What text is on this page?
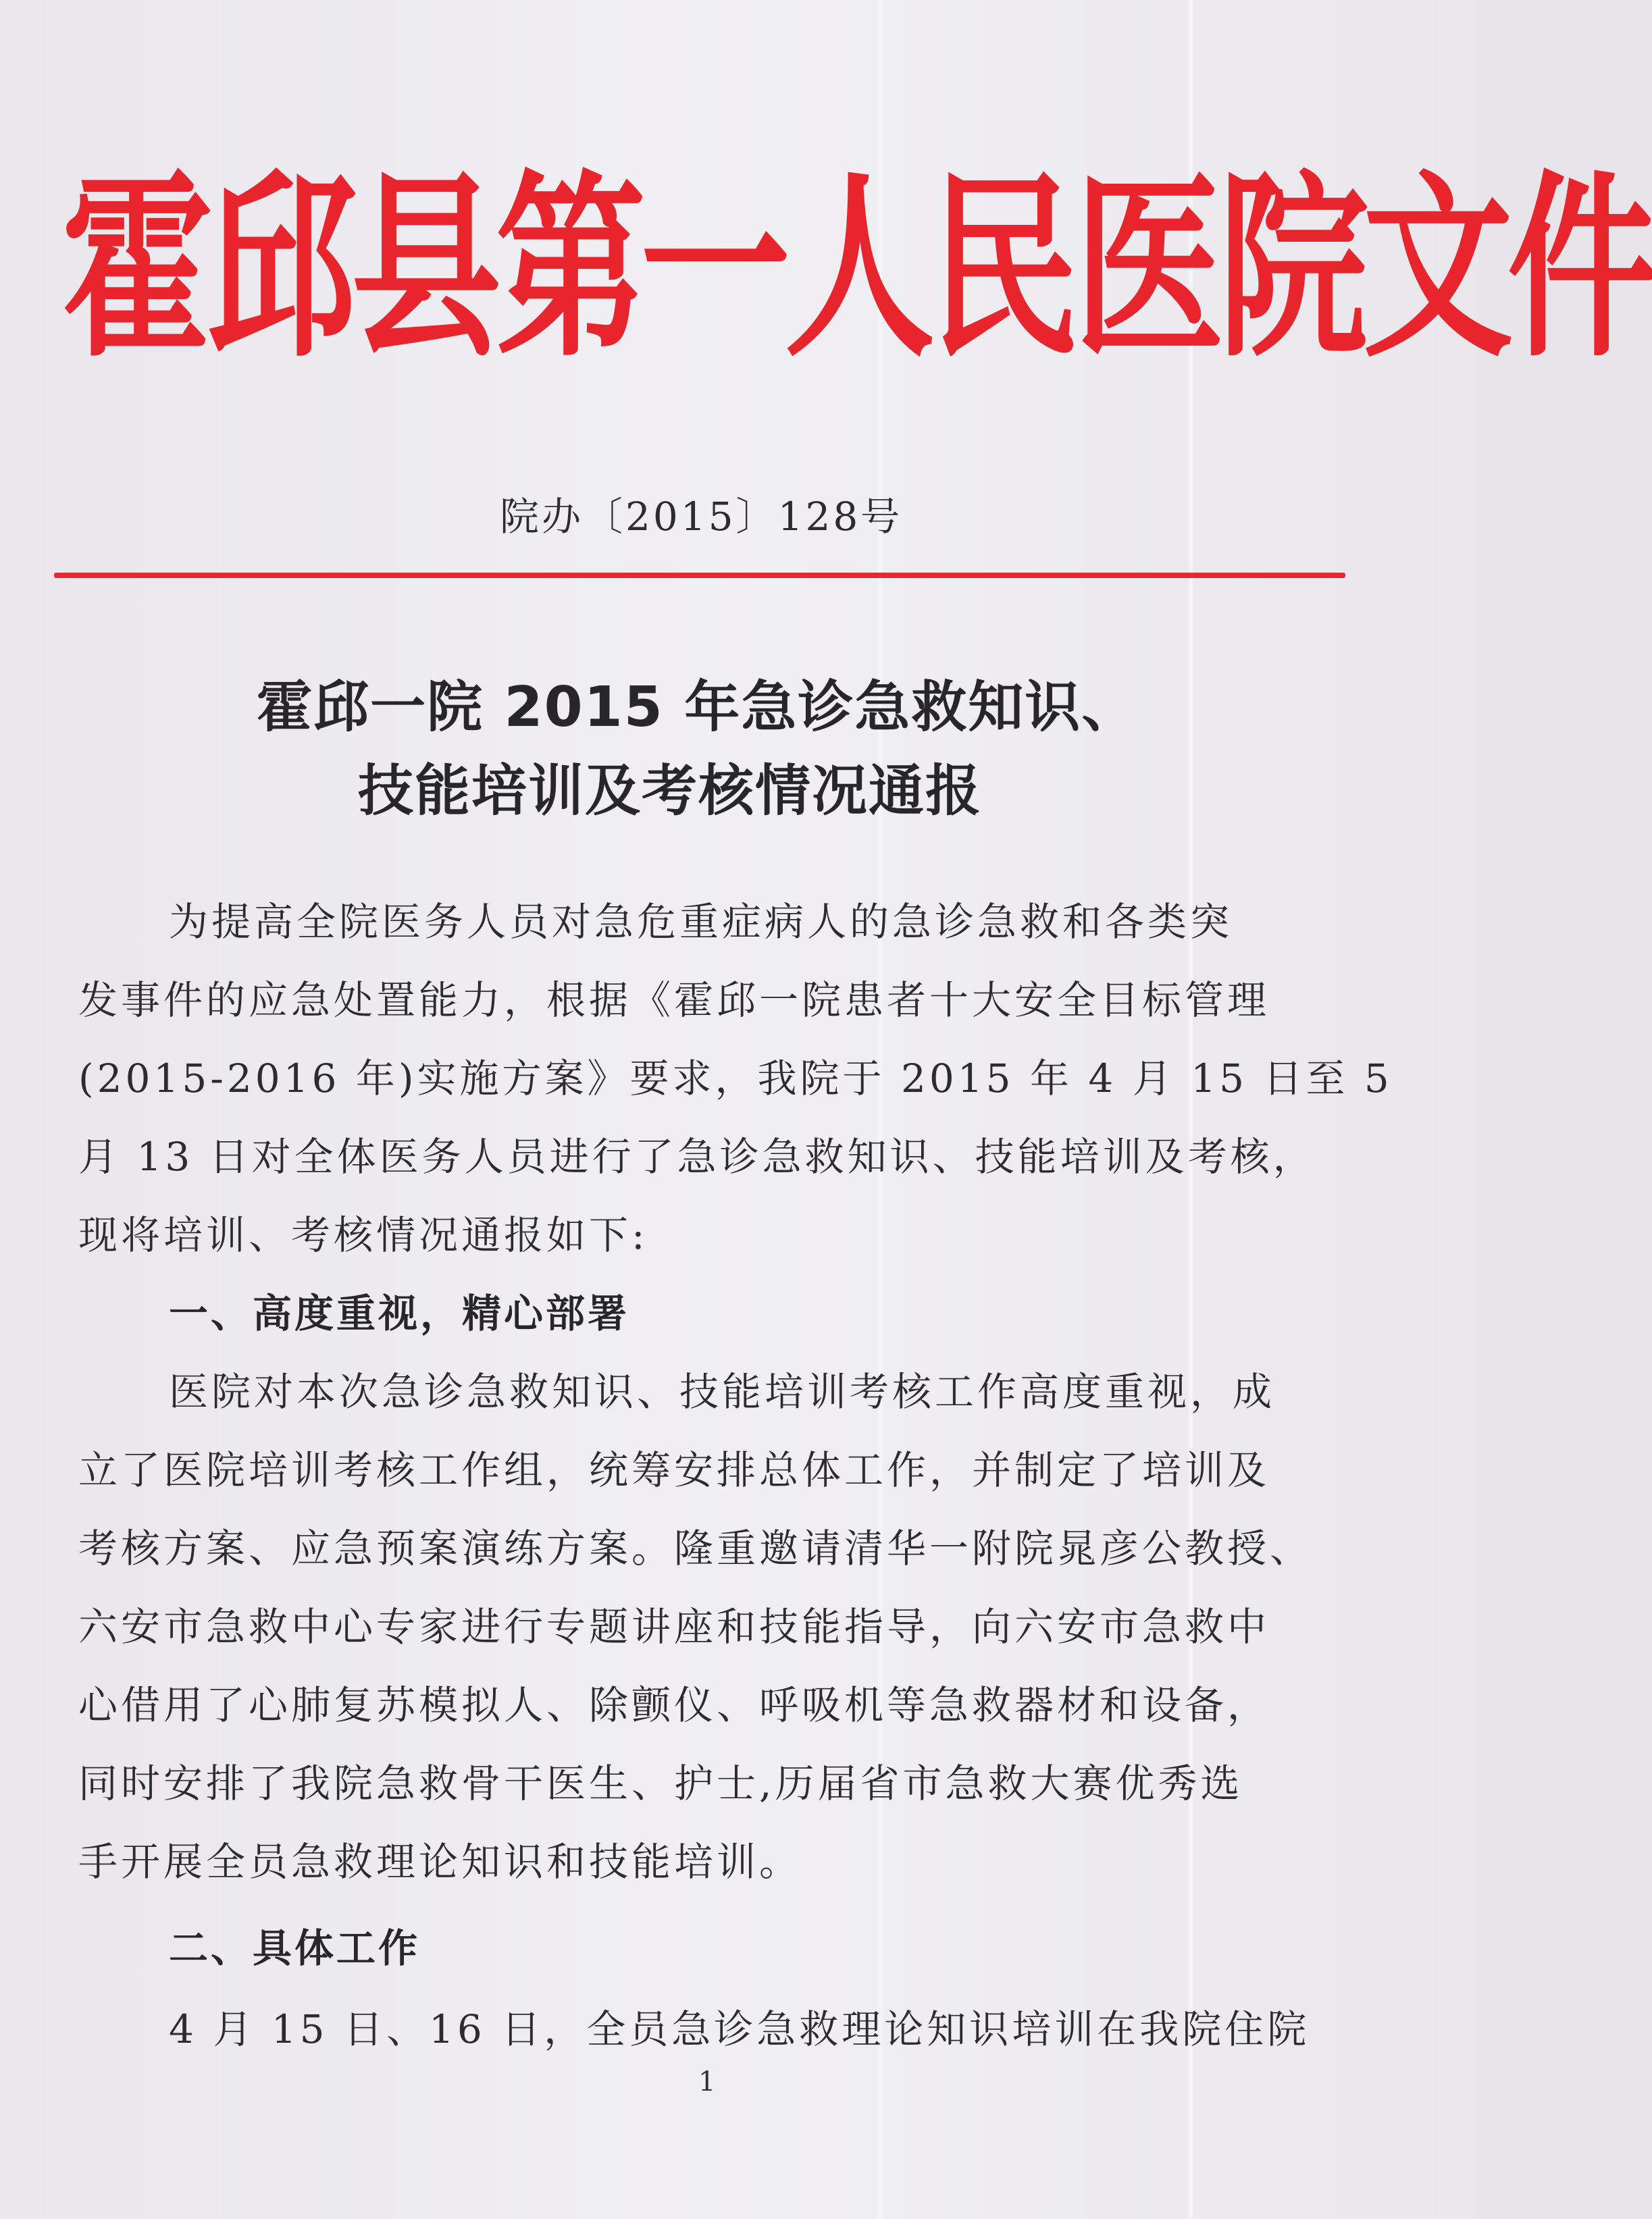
霍邱县第一人民医院文件
院办〔2015〕128号
霍邱一院 2015 年急诊急救知识、
技能培训及考核情况通报
为提高全院医务人员对急危重症病人的急诊急救和各类突
发事件的应急处置能力，根据《霍邱一院患者十大安全目标管理
(2015-2016 年)实施方案》要求，我院于 2015 年 4 月 15 日至 5
月 13 日对全体医务人员进行了急诊急救知识、技能培训及考核，
现将培训、考核情况通报如下:
一、高度重视，精心部署
医院对本次急诊急救知识、技能培训考核工作高度重视，成
立了医院培训考核工作组，统筹安排总体工作，并制定了培训及
考核方案、应急预案演练方案。隆重邀请清华一附院晁彦公教授、
六安市急救中心专家进行专题讲座和技能指导，向六安市急救中
心借用了心肺复苏模拟人、除颤仪、呼吸机等急救器材和设备，
同时安排了我院急救骨干医生、护士,历届省市急救大赛优秀选
手开展全员急救理论知识和技能培训。
二、具体工作
4 月 15 日、16 日，全员急诊急救理论知识培训在我院住院
1
